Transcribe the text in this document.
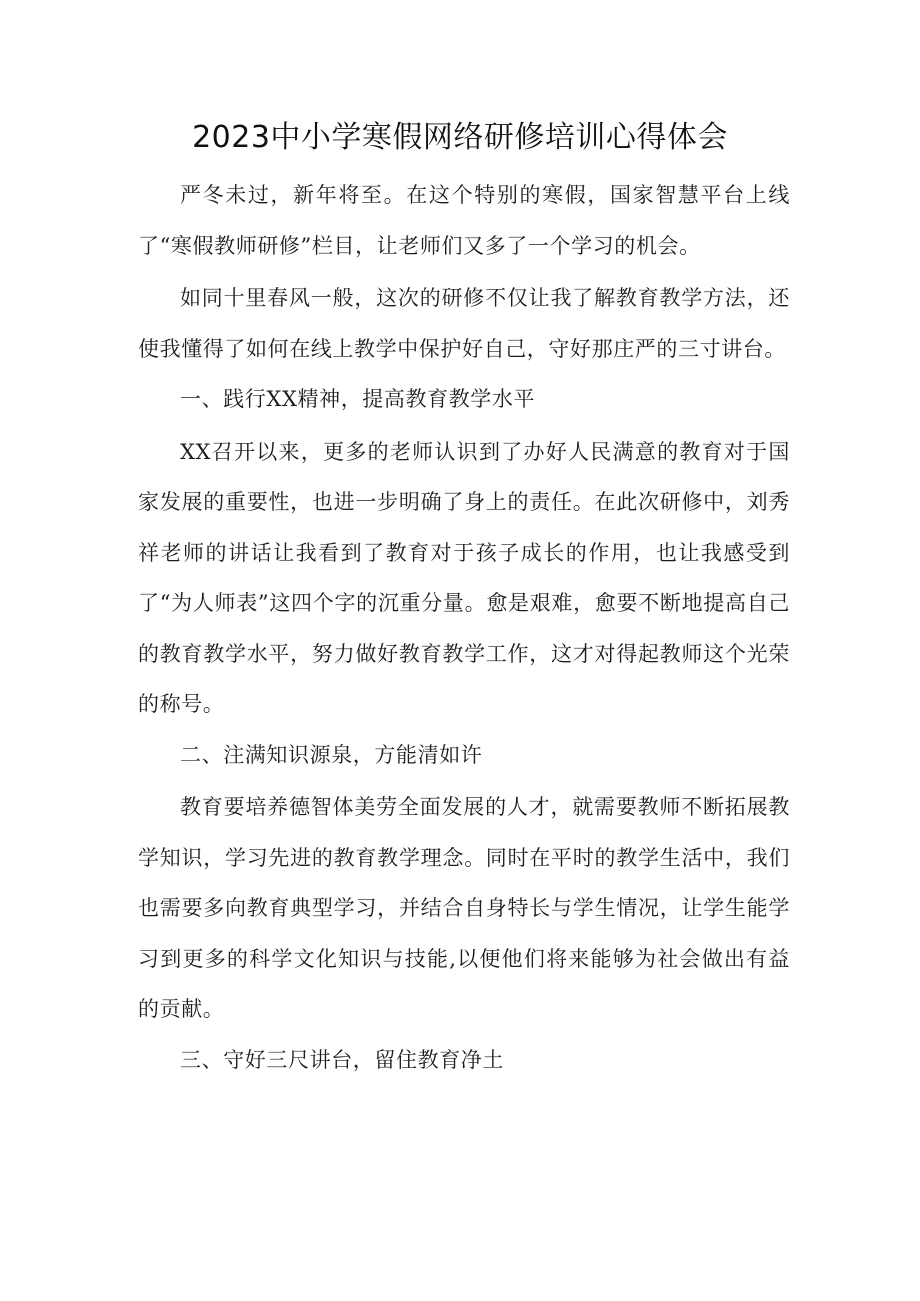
2023中小学寒假网络研修培训心得体会

严冬未过，新年将至。在这个特别的寒假，国家智慧平台上线了“寒假教师研修”栏目，让老师们又多了一个学习的机会。

如同十里春风一般，这次的研修不仅让我了解教育教学方法，还使我懂得了如何在线上教学中保护好自己，守好那庄严的三寸讲台。

一、践行XX精神，提高教育教学水平

XX召开以来，更多的老师认识到了办好人民满意的教育对于国家发展的重要性，也进一步明确了身上的责任。在此次研修中，刘秀祥老师的讲话让我看到了教育对于孩子成长的作用，也让我感受到了“为人师表”这四个字的沉重分量。愈是艰难，愈要不断地提高自己的教育教学水平，努力做好教育教学工作，这才对得起教师这个光荣的称号。

二、注满知识源泉，方能清如许

教育要培养德智体美劳全面发展的人才，就需要教师不断拓展教学知识，学习先进的教育教学理念。同时在平时的教学生活中，我们也需要多向教育典型学习，并结合自身特长与学生情况，让学生能学习到更多的科学文化知识与技能,以便他们将来能够为社会做出有益的贡献。

三、守好三尺讲台，留住教育净土
